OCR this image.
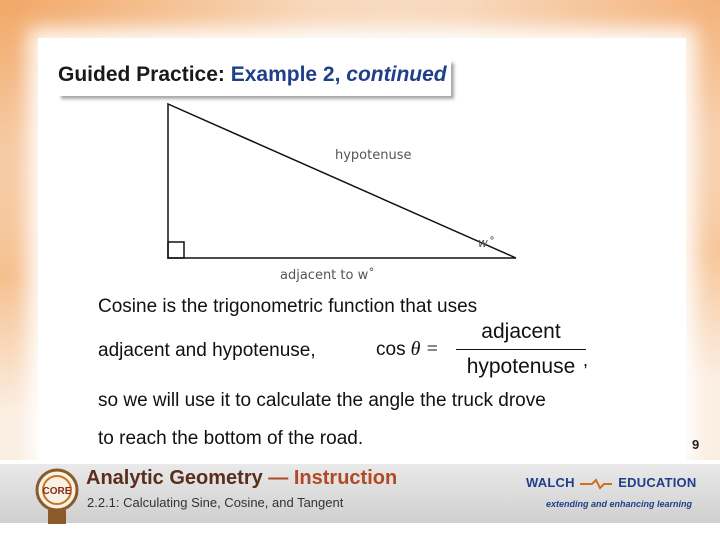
Guided Practice: Example 2, continued
hypotenuse
w˚
adjacent to w˚
Cosine is the trigonometric function that uses
adjacent and hypotenuse,	cos θ =
adjacent
hypotenuse ,
so we will use it to calculate the angle the truck drove
to reach the bottom of the road.	9
CORE
Analytic Geometry — Instruction
2.2.1: Calculating Sine, Cosine, and Tangent
WALCH	EDUCATION
extending and enhancing learning
